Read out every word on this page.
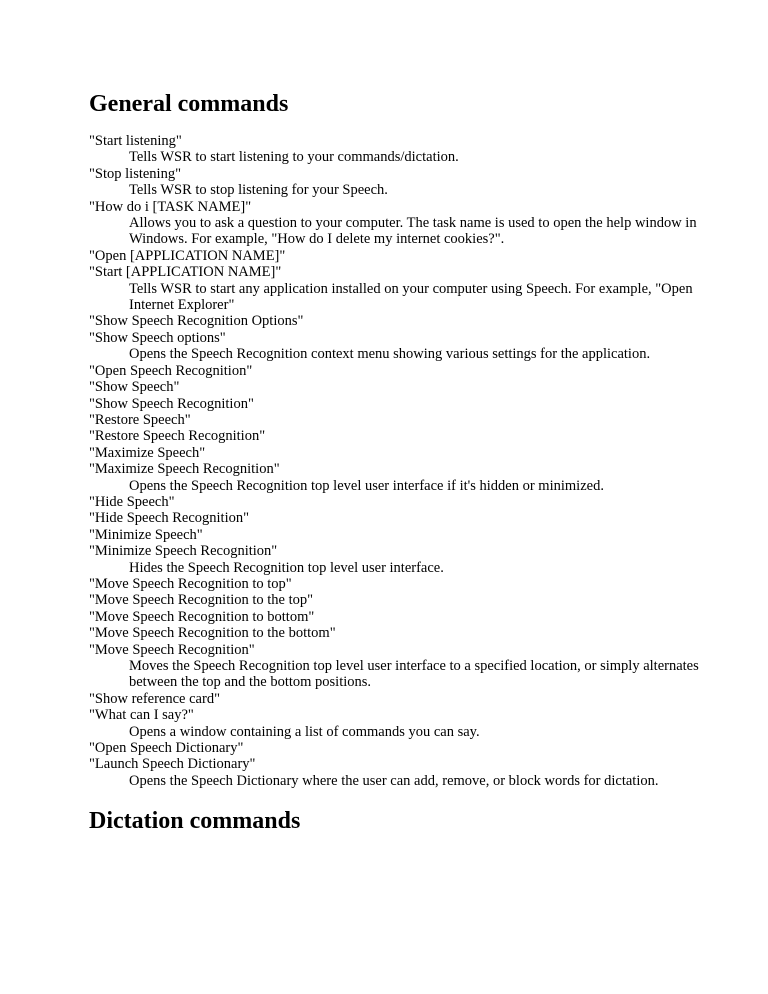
General commands
"Start listening"
Tells WSR to start listening to your commands/dictation.
"Stop listening"
Tells WSR to stop listening for your Speech.
"How do i [TASK NAME]"
Allows you to ask a question to your computer. The task name is used to open the help window in Windows. For example, "How do I delete my internet cookies?".
"Open [APPLICATION NAME]"
"Start [APPLICATION NAME]"
Tells WSR to start any application installed on your computer using Speech. For example, "Open Internet Explorer"
"Show Speech Recognition Options"
"Show Speech options"
Opens the Speech Recognition context menu showing various settings for the application.
"Open Speech Recognition"
"Show Speech"
"Show Speech Recognition"
"Restore Speech"
"Restore Speech Recognition"
"Maximize Speech"
"Maximize Speech Recognition"
Opens the Speech Recognition top level user interface if it's hidden or minimized.
"Hide Speech"
"Hide Speech Recognition"
"Minimize Speech"
"Minimize Speech Recognition"
Hides the Speech Recognition top level user interface.
"Move Speech Recognition to top"
"Move Speech Recognition to the top"
"Move Speech Recognition to bottom"
"Move Speech Recognition to the bottom"
"Move Speech Recognition"
Moves the Speech Recognition top level user interface to a specified location, or simply alternates between the top and the bottom positions.
"Show reference card"
"What can I say?"
Opens a window containing a list of commands you can say.
"Open Speech Dictionary"
"Launch Speech Dictionary"
Opens the Speech Dictionary where the user can add, remove, or block words for dictation.
Dictation commands
